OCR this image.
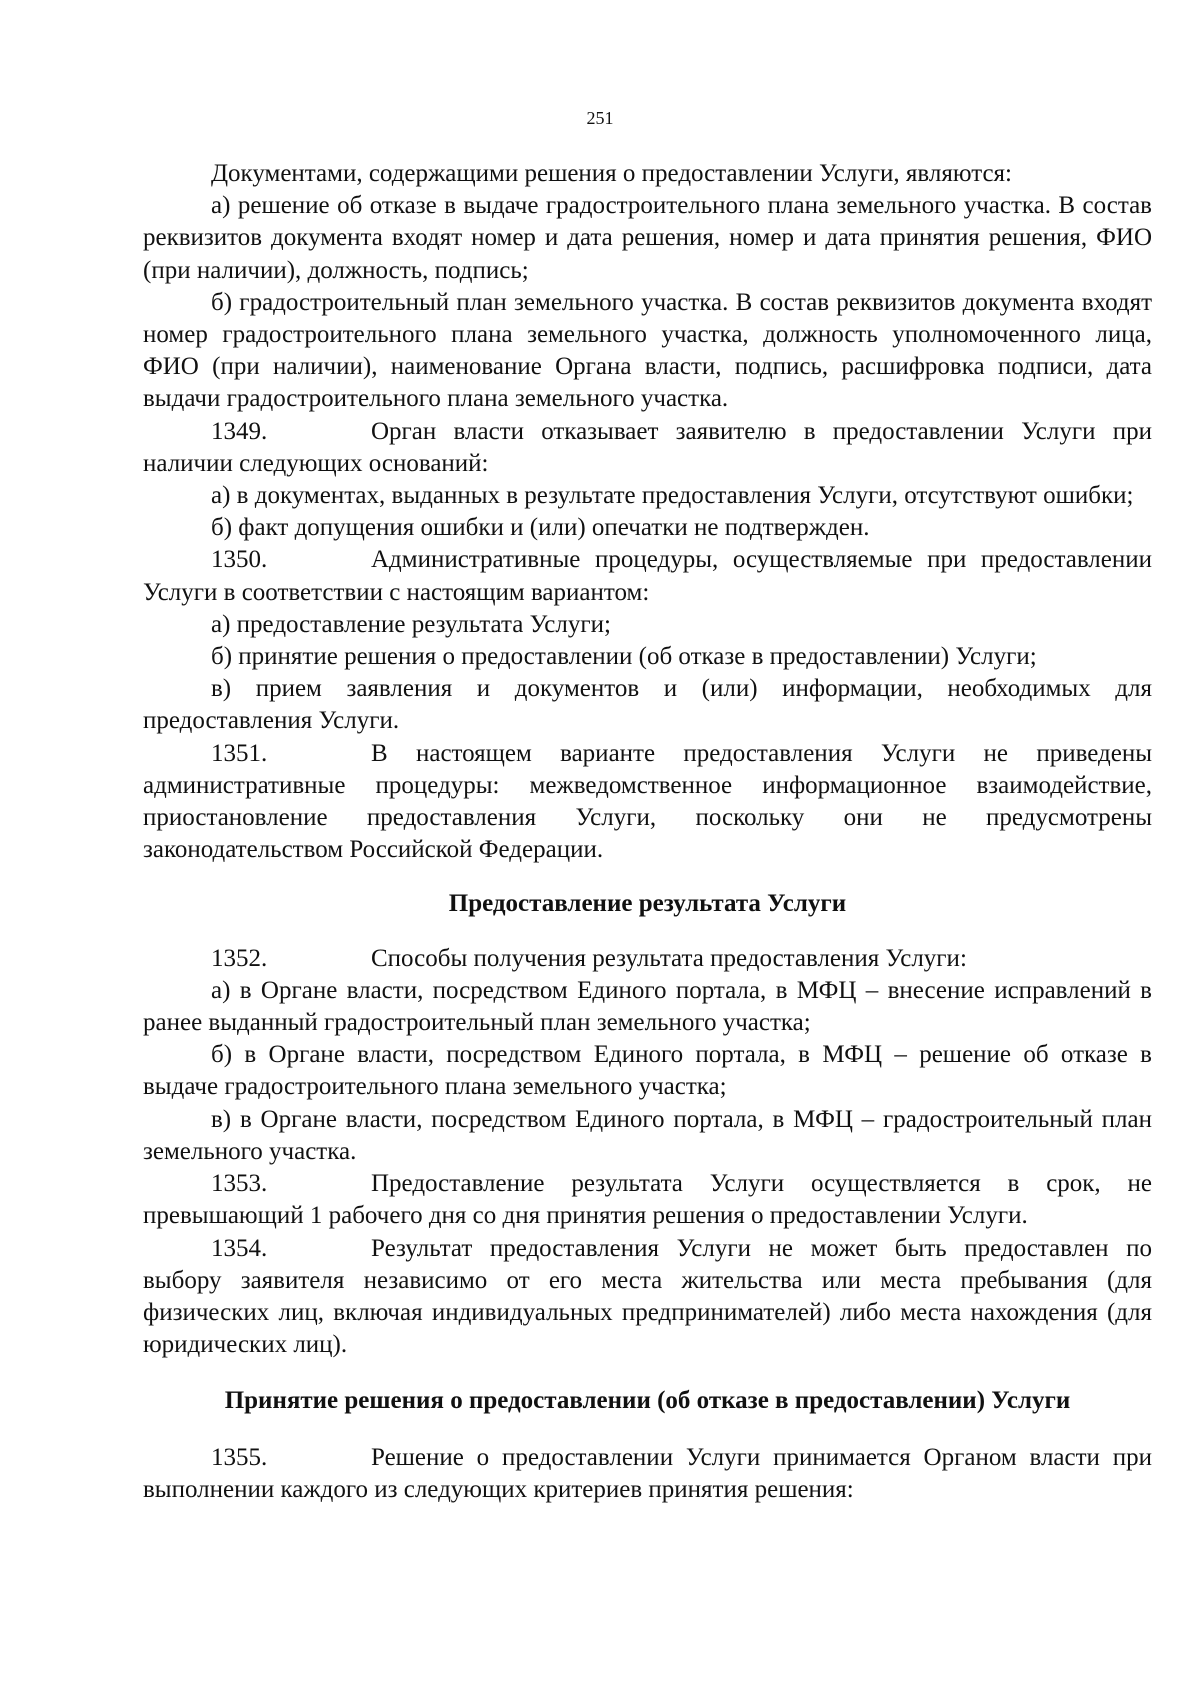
251

Документами, содержащими решения о предоставлении Услуги, являются:

а) решение об отказе в выдаче градостроительного плана земельного участка. В состав реквизитов документа входят номер и дата решения, номер и дата принятия решения, ФИО (при наличии), должность, подпись;

б) градостроительный план земельного участка. В состав реквизитов документа входят номер градостроительного плана земельного участка, должность уполномоченного лица, ФИО (при наличии), наименование Органа власти, подпись, расшифровка подписи, дата выдачи градостроительного плана земельного участка.

1349.	Орган власти отказывает заявителю в предоставлении Услуги при наличии следующих оснований:

а) в документах, выданных в результате предоставления Услуги, отсутствуют ошибки;

б) факт допущения ошибки и (или) опечатки не подтвержден.

1350.	Административные процедуры, осуществляемые при предоставлении Услуги в соответствии с настоящим вариантом:

а) предоставление результата Услуги;

б) принятие решения о предоставлении (об отказе в предоставлении) Услуги;

в) прием заявления и документов и (или) информации, необходимых для предоставления Услуги.

1351.	В настоящем варианте предоставления Услуги не приведены административные процедуры: межведомственное информационное взаимодействие, приостановление предоставления Услуги, поскольку они не предусмотрены законодательством Российской Федерации.

Предоставление результата Услуги

1352.	Способы получения результата предоставления Услуги:

а) в Органе власти, посредством Единого портала, в МФЦ – внесение исправлений в ранее выданный градостроительный план земельного участка;

б) в Органе власти, посредством Единого портала, в МФЦ – решение об отказе в выдаче градостроительного плана земельного участка;

в) в Органе власти, посредством Единого портала, в МФЦ – градостроительный план земельного участка.

1353.	Предоставление результата Услуги осуществляется в срок, не превышающий 1 рабочего дня со дня принятия решения о предоставлении Услуги.

1354.	Результат предоставления Услуги не может быть предоставлен по выбору заявителя независимо от его места жительства или места пребывания (для физических лиц, включая индивидуальных предпринимателей) либо места нахождения (для юридических лиц).

Принятие решения о предоставлении (об отказе в предоставлении) Услуги

1355.	Решение о предоставлении Услуги принимается Органом власти при выполнении каждого из следующих критериев принятия решения:
